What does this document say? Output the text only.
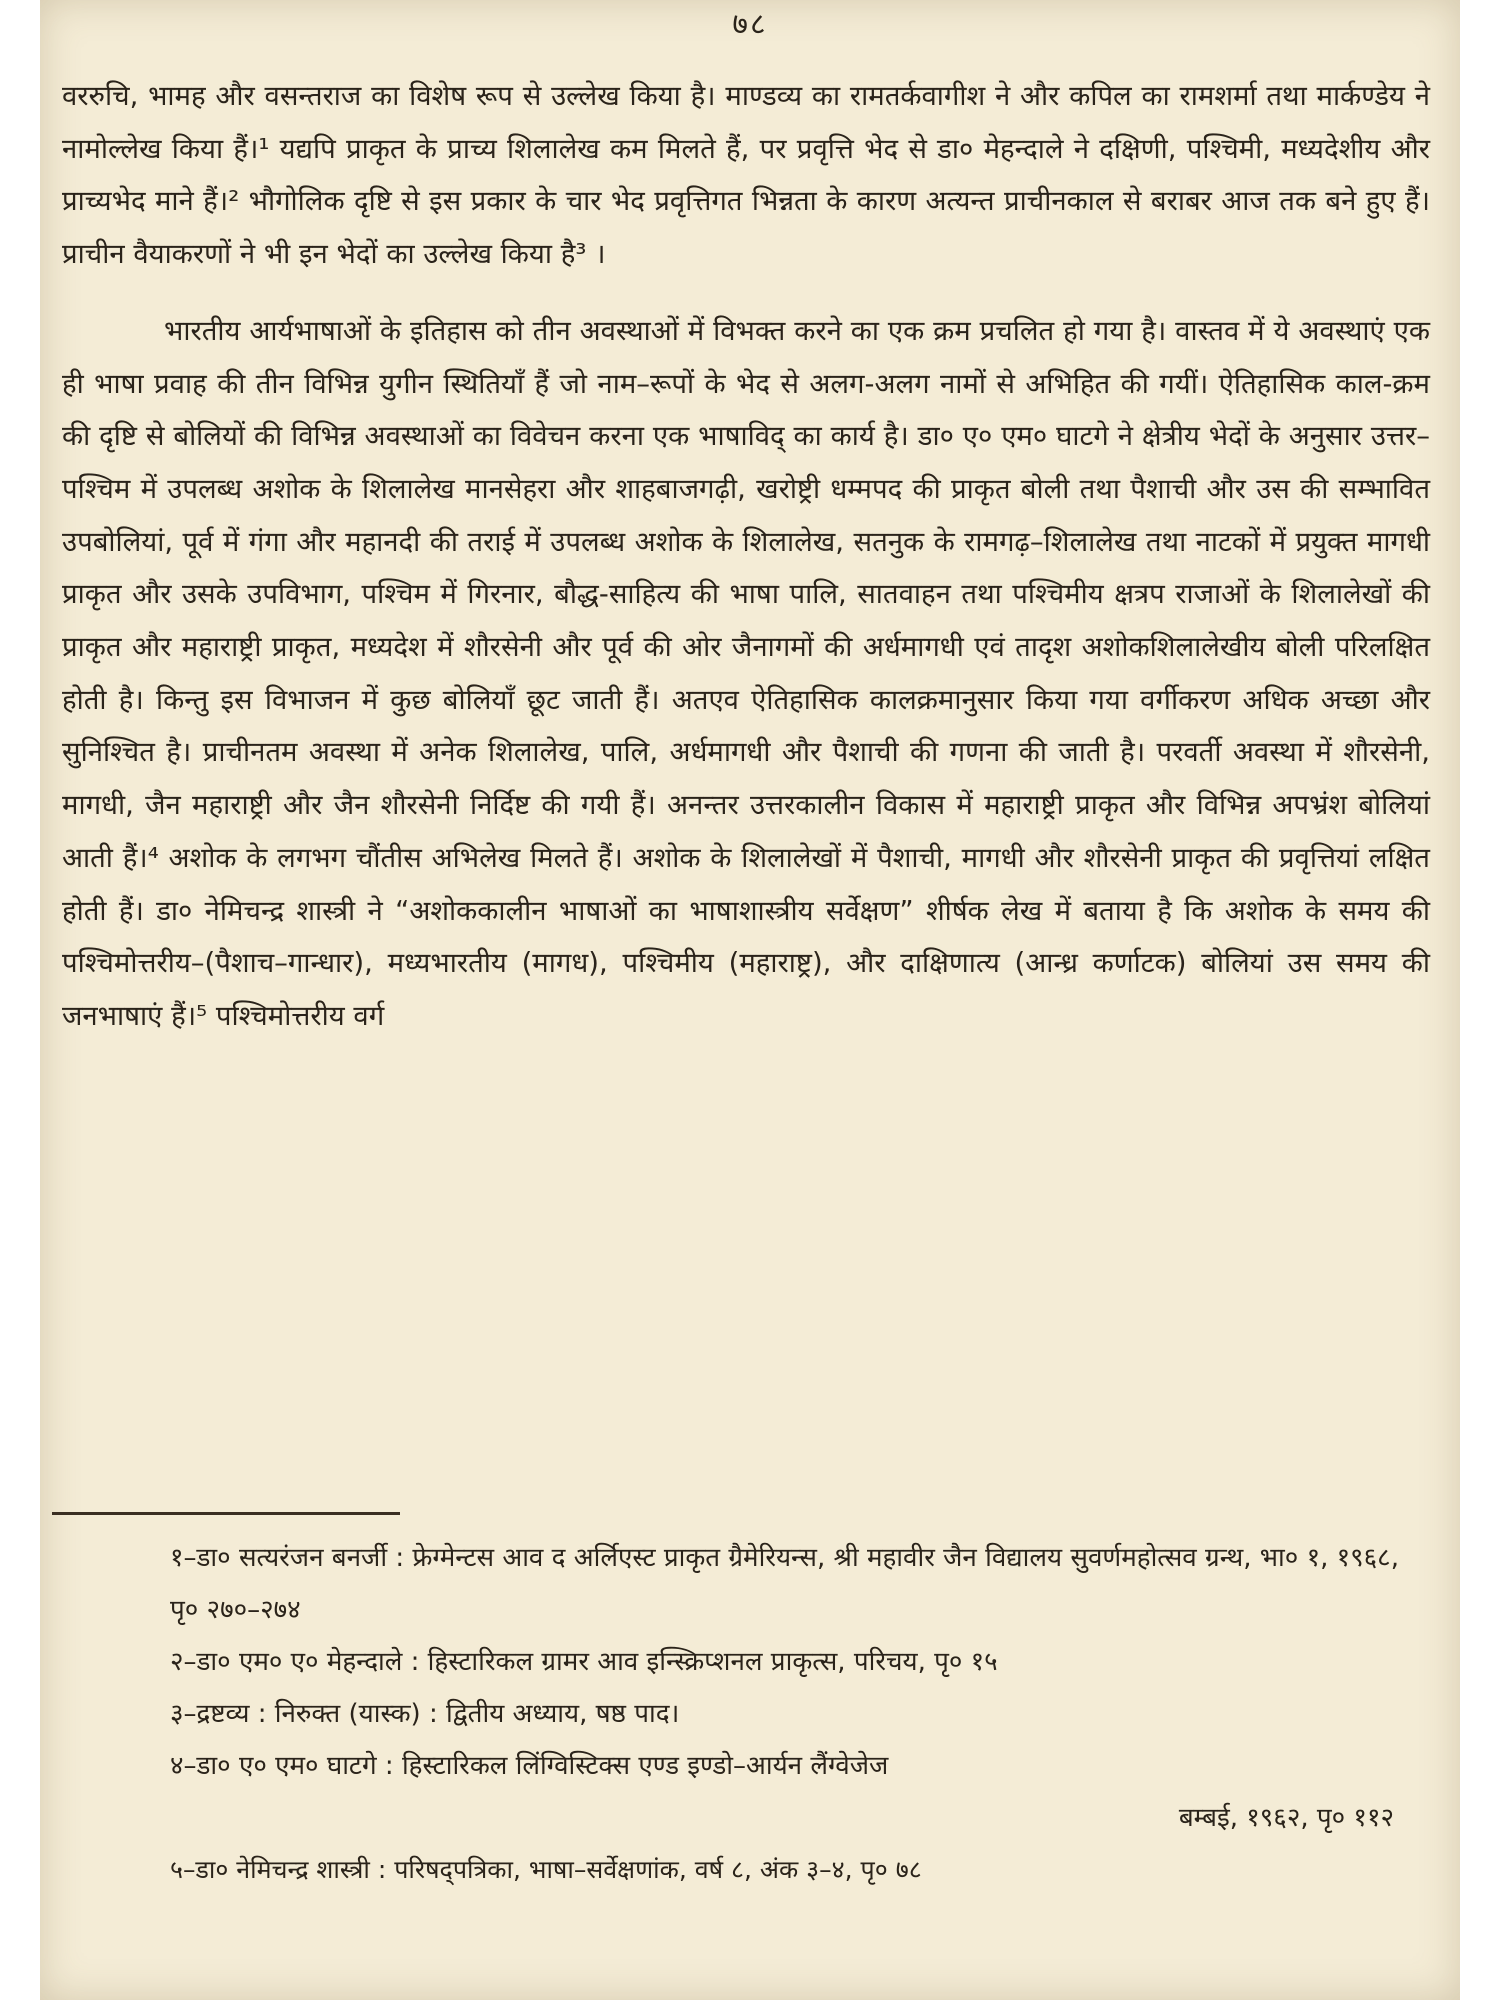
७८
वररुचि, भामह और वसन्तराज का विशेष रूप से उल्लेख किया है। माण्डव्य का रामतर्कवागीश ने और कपिल का रामशर्मा तथा मार्कण्डेय ने नामोल्लेख किया हैं।¹ यद्यपि प्राकृत के प्राच्य शिलालेख कम मिलते हैं, पर प्रवृत्ति भेद से डा० मेहन्दाले ने दक्षिणी, पश्चिमी, मध्यदेशीय और प्राच्यभेद माने हैं।² भौगोलिक दृष्टि से इस प्रकार के चार भेद प्रवृत्तिगत भिन्नता के कारण अत्यन्त प्राचीनकाल से बराबर आज तक बने हुए हैं। प्राचीन वैयाकरणों ने भी इन भेदों का उल्लेख किया है³ ।
भारतीय आर्यभाषाओं के इतिहास को तीन अवस्थाओं में विभक्त करने का एक क्रम प्रचलित हो गया है। वास्तव में ये अवस्थाएं एक ही भाषा प्रवाह की तीन विभिन्न युगीन स्थितियाँ हैं जो नाम–रूपों के भेद से अलग-अलग नामों से अभिहित की गयीं। ऐतिहासिक काल-क्रम की दृष्टि से बोलियों की विभिन्न अवस्थाओं का विवेचन करना एक भाषाविद् का कार्य है। डा० ए० एम० घाटगे ने क्षेत्रीय भेदों के अनुसार उत्तर–पश्चिम में उपलब्ध अशोक के शिलालेख मानसेहरा और शाहबाजगढ़ी, खरोष्ट्री धम्मपद की प्राकृत बोली तथा पैशाची और उस की सम्भावित उपबोलियां, पूर्व में गंगा और महानदी की तराई में उपलब्ध अशोक के शिलालेख, सतनुक के रामगढ़–शिलालेख तथा नाटकों में प्रयुक्त मागधी प्राकृत और उसके उपविभाग, पश्चिम में गिरनार, बौद्ध-साहित्य की भाषा पालि, सातवाहन तथा पश्चिमीय क्षत्रप राजाओं के शिलालेखों की प्राकृत और महाराष्ट्री प्राकृत, मध्यदेश में शौरसेनी और पूर्व की ओर जैनागमों की अर्धमागधी एवं तादृश अशोकशिलालेखीय बोली परिलक्षित होती है। किन्तु इस विभाजन में कुछ बोलियाँ छूट जाती हैं। अतएव ऐतिहासिक कालक्रमानुसार किया गया वर्गीकरण अधिक अच्छा और सुनिश्चित है। प्राचीनतम अवस्था में अनेक शिलालेख, पालि, अर्धमागधी और पैशाची की गणना की जाती है। परवर्ती अवस्था में शौरसेनी, मागधी, जैन महाराष्ट्री और जैन शौरसेनी निर्दिष्ट की गयी हैं। अनन्तर उत्तरकालीन विकास में महाराष्ट्री प्राकृत और विभिन्न अपभ्रंश बोलियां आती हैं।⁴ अशोक के लगभग चौंतीस अभिलेख मिलते हैं। अशोक के शिलालेखों में पैशाची, मागधी और शौरसेनी प्राकृत की प्रवृत्तियां लक्षित होती हैं। डा० नेमिचन्द्र शास्त्री ने “अशोककालीन भाषाओं का भाषाशास्त्रीय सर्वेक्षण” शीर्षक लेख में बताया है कि अशोक के समय की पश्चिमोत्तरीय–(पैशाच–गान्धार), मध्यभारतीय (मागध), पश्चिमीय (महाराष्ट्र), और दाक्षिणात्य (आन्ध्र कर्णाटक) बोलियां उस समय की जनभाषाएं हैं।⁵ पश्चिमोत्तरीय वर्ग
१–डा० सत्यरंजन बनर्जी : फ्रेग्मेन्टस आव द अर्लिएस्ट प्राकृत ग्रैमेरियन्स, श्री महावीर जैन विद्यालय सुवर्णमहोत्सव ग्रन्थ, भा० १, १९६८, पृ० २७०–२७४
२–डा० एम० ए० मेहन्दाले : हिस्टारिकल ग्रामर आव इन्स्क्रिप्शनल प्राकृत्स, परिचय, पृ० १५
३–द्रष्टव्य : निरुक्त (यास्क) : द्वितीय अध्याय, षष्ठ पाद।
४–डा० ए० एम० घाटगे : हिस्टारिकल लिंग्विस्टिक्स एण्ड इण्डो–आर्यन लैंग्वेजेज
बम्बई, १९६२, पृ० ११२
५–डा० नेमिचन्द्र शास्त्री : परिषद्पत्रिका, भाषा–सर्वेक्षणांक, वर्ष ८, अंक ३–४, पृ० ७८
